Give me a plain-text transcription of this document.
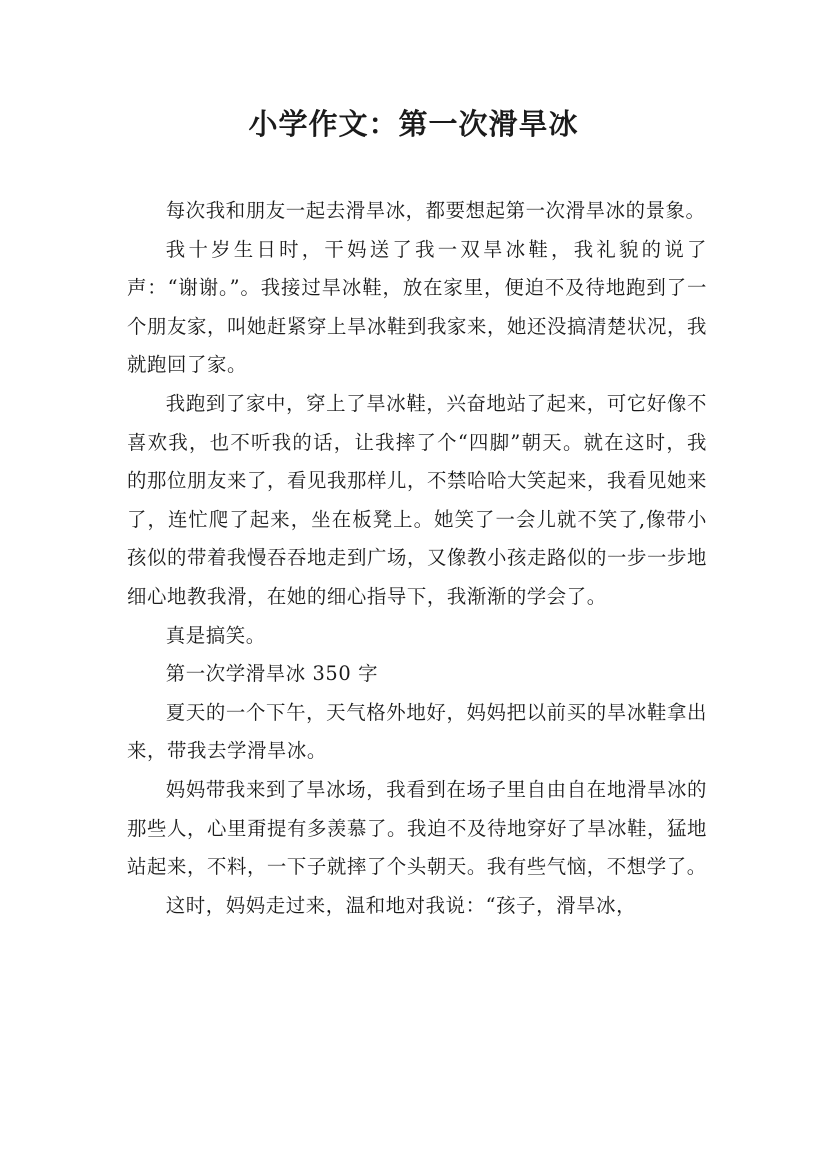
小学作文：第一次滑旱冰

每次我和朋友一起去滑旱冰，都要想起第一次滑旱冰的景象。

我十岁生日时，干妈送了我一双旱冰鞋，我礼貌的说了声：“谢谢。”。我接过旱冰鞋，放在家里，便迫不及待地跑到了一个朋友家，叫她赶紧穿上旱冰鞋到我家来，她还没搞清楚状况，我就跑回了家。

我跑到了家中，穿上了旱冰鞋，兴奋地站了起来，可它好像不喜欢我，也不听我的话，让我摔了个“四脚”朝天。就在这时，我的那位朋友来了，看见我那样儿，不禁哈哈大笑起来，我看见她来了，连忙爬了起来，坐在板凳上。她笑了一会儿就不笑了,像带小孩似的带着我慢吞吞地走到广场，又像教小孩走路似的一步一步地细心地教我滑，在她的细心指导下，我渐渐的学会了。

真是搞笑。

第一次学滑旱冰 350 字

夏天的一个下午，天气格外地好，妈妈把以前买的旱冰鞋拿出来，带我去学滑旱冰。

妈妈带我来到了旱冰场，我看到在场子里自由自在地滑旱冰的那些人，心里甭提有多羡慕了。我迫不及待地穿好了旱冰鞋，猛地站起来，不料，一下子就摔了个头朝天。我有些气恼，不想学了。

这时，妈妈走过来，温和地对我说：“孩子，滑旱冰，
